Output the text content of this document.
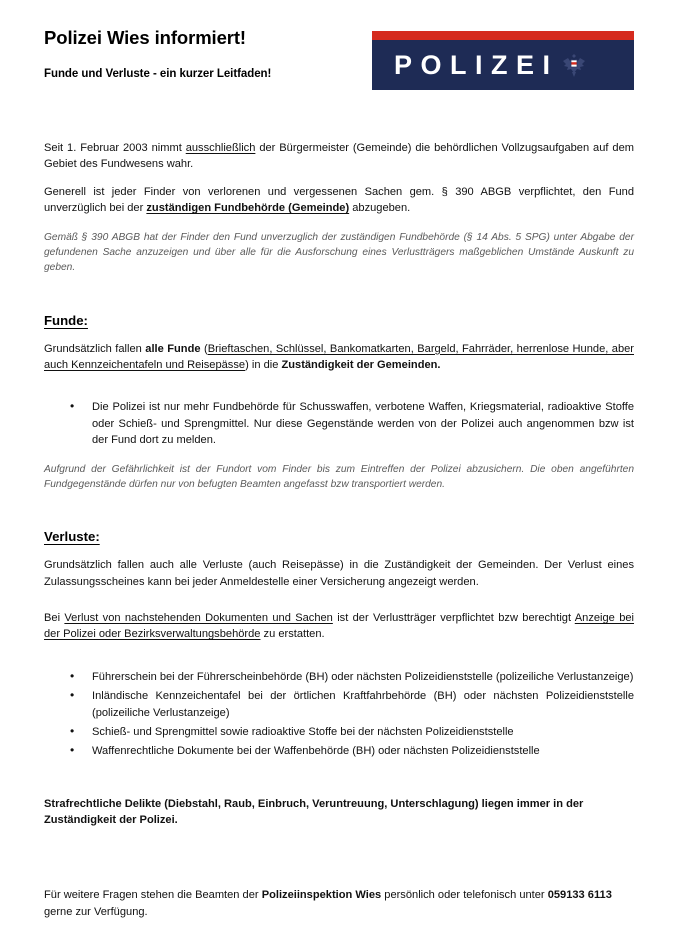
Polizei Wies informiert!
Funde und Verluste - ein kurzer Leitfaden!	POLIZEI

Seit 1. Februar 2003 nimmt ausschließlich der Bürgermeister (Gemeinde) die behördlichen Vollzugsaufgaben auf dem Gebiet des Fundwesens wahr.

Generell ist jeder Finder von verlorenen und vergessenen Sachen gem. § 390 ABGB verpflichtet, den Fund unverzüglich bei der zuständigen Fundbehörde (Gemeinde) abzugeben.

Gemäß § 390 ABGB hat der Finder den Fund unverzuglich der zuständigen Fundbehörde (§ 14 Abs. 5 SPG) unter Abgabe der gefundenen Sache anzuzeigen und über alle für die Ausforschung eines Verlustträgers maßgeblichen Umstände Auskunft zu geben.

Funde:

Grundsätzlich fallen alle Funde (Brieftaschen, Schlüssel, Bankomatkarten, Bargeld, Fahrräder, herrenlose Hunde, aber auch Kennzeichentafeln und Reisepässe) in die Zuständigkeit der Gemeinden.

• Die Polizei ist nur mehr Fundbehörde für Schusswaffen, verbotene Waffen, Kriegsmaterial, radioaktive Stoffe oder Schieß- und Sprengmittel. Nur diese Gegenstände werden von der Polizei auch angenommen bzw ist der Fund dort zu melden.

Aufgrund der Gefährlichkeit ist der Fundort vom Finder bis zum Eintreffen der Polizei abzusichern. Die oben angeführten Fundgegenstände dürfen nur von befugten Beamten angefasst bzw transportiert werden.

Verluste:

Grundsätzlich fallen auch alle Verluste (auch Reisepässe) in die Zuständigkeit der Gemeinden. Der Verlust eines Zulassungsscheines kann bei jeder Anmeldestelle einer Versicherung angezeigt werden.

Bei Verlust von nachstehenden Dokumenten und Sachen ist der Verlustträger verpflichtet bzw berechtigt Anzeige bei der Polizei oder Bezirksverwaltungsbehörde zu erstatten.

• Führerschein bei der Führerscheinbehörde (BH) oder nächsten Polizeidienststelle (polizeiliche Verlustanzeige)
• Inländische Kennzeichentafel bei der örtlichen Kraftfahrbehörde (BH) oder nächsten Polizeidienststelle (polizeiliche Verlustanzeige)
• Schieß- und Sprengmittel sowie radioaktive Stoffe bei der nächsten Polizeidienststelle
• Waffenrechtliche Dokumente bei der Waffenbehörde (BH) oder nächsten Polizeidienststelle

Strafrechtliche Delikte (Diebstahl, Raub, Einbruch, Veruntreuung, Unterschlagung) liegen immer in der Zuständigkeit der Polizei.

Für weitere Fragen stehen die Beamten der Polizeiinspektion Wies persönlich oder telefonisch unter 059133 6113 gerne zur Verfügung.
